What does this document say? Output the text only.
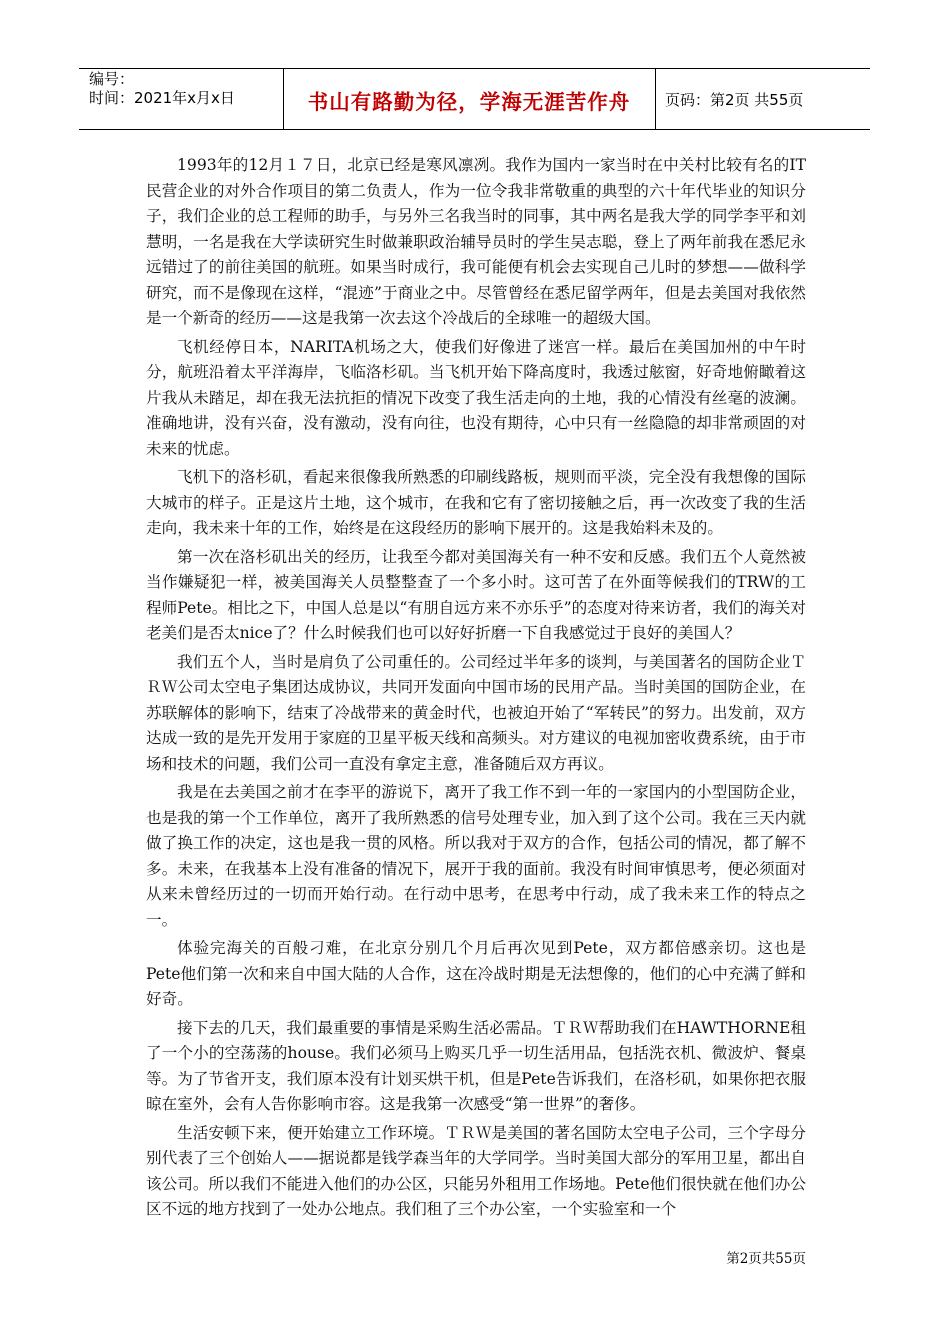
编号：
时间：2021年x月x日	书山有路勤为径，学海无涯苦作舟	页码：第2页 共55页

1993年的12月１７日，北京已经是寒风凛冽。我作为国内一家当时在中关村比较有名的IT民营企业的对外合作项目的第二负责人，作为一位令我非常敬重的典型的六十年代毕业的知识分子，我们企业的总工程师的助手，与另外三名我当时的同事，其中两名是我大学的同学李平和刘慧明，一名是我在大学读研究生时做兼职政治辅导员时的学生吴志聪，登上了两年前我在悉尼永远错过了的前往美国的航班。如果当时成行，我可能便有机会去实现自己儿时的梦想——做科学研究，而不是像现在这样，“混迹”于商业之中。尽管曾经在悉尼留学两年，但是去美国对我依然是一个新奇的经历——这是我第一次去这个冷战后的全球唯一的超级大国。

飞机经停日本，NARITA机场之大，使我们好像进了迷宫一样。最后在美国加州的中午时分，航班沿着太平洋海岸，飞临洛杉矶。当飞机开始下降高度时，我透过舷窗，好奇地俯瞰着这片我从未踏足，却在我无法抗拒的情况下改变了我生活走向的土地，我的心情没有丝毫的波澜。准确地讲，没有兴奋，没有激动，没有向往，也没有期待，心中只有一丝隐隐的却非常顽固的对未来的忧虑。

飞机下的洛杉矶，看起来很像我所熟悉的印刷线路板，规则而平淡，完全没有我想像的国际大城市的样子。正是这片土地，这个城市，在我和它有了密切接触之后，再一次改变了我的生活走向，我未来十年的工作，始终是在这段经历的影响下展开的。这是我始料未及的。

第一次在洛杉矶出关的经历，让我至今都对美国海关有一种不安和反感。我们五个人竟然被当作嫌疑犯一样，被美国海关人员整整查了一个多小时。这可苦了在外面等候我们的TRW的工程师Pete。相比之下，中国人总是以“有朋自远方来不亦乐乎”的态度对待来访者，我们的海关对老美们是否太nice了？什么时候我们也可以好好折磨一下自我感觉过于良好的美国人？

我们五个人，当时是肩负了公司重任的。公司经过半年多的谈判，与美国著名的国防企业ＴＲＷ公司太空电子集团达成协议，共同开发面向中国市场的民用产品。当时美国的国防企业，在苏联解体的影响下，结束了冷战带来的黄金时代，也被迫开始了“军转民”的努力。出发前，双方达成一致的是先开发用于家庭的卫星平板天线和高频头。对方建议的电视加密收费系统，由于市场和技术的问题，我们公司一直没有拿定主意，准备随后双方再议。

我是在去美国之前才在李平的游说下，离开了我工作不到一年的一家国内的小型国防企业，也是我的第一个工作单位，离开了我所熟悉的信号处理专业，加入到了这个公司。我在三天内就做了换工作的决定，这也是我一贯的风格。所以我对于双方的合作，包括公司的情况，都了解不多。未来，在我基本上没有准备的情况下，展开于我的面前。我没有时间审慎思考，便必须面对从来未曾经历过的一切而开始行动。在行动中思考，在思考中行动，成了我未来工作的特点之一。

体验完海关的百般刁难，在北京分别几个月后再次见到Pete，双方都倍感亲切。这也是Pete他们第一次和来自中国大陆的人合作，这在冷战时期是无法想像的，他们的心中充满了鲜和好奇。

接下去的几天，我们最重要的事情是采购生活必需品。ＴＲＷ帮助我们在HAWTHORNE租了一个小的空荡荡的house。我们必须马上购买几乎一切生活用品，包括洗衣机、微波炉、餐桌等。为了节省开支，我们原本没有计划买烘干机，但是Pete告诉我们，在洛杉矶，如果你把衣服晾在室外，会有人告你影响市容。这是我第一次感受“第一世界”的奢侈。

生活安顿下来，便开始建立工作环境。ＴＲＷ是美国的著名国防太空电子公司，三个字母分别代表了三个创始人——据说都是钱学森当年的大学同学。当时美国大部分的军用卫星，都出自该公司。所以我们不能进入他们的办公区，只能另外租用工作场地。Pete他们很快就在他们办公区不远的地方找到了一处办公地点。我们租了三个办公室，一个实验室和一个

第2页共55页
